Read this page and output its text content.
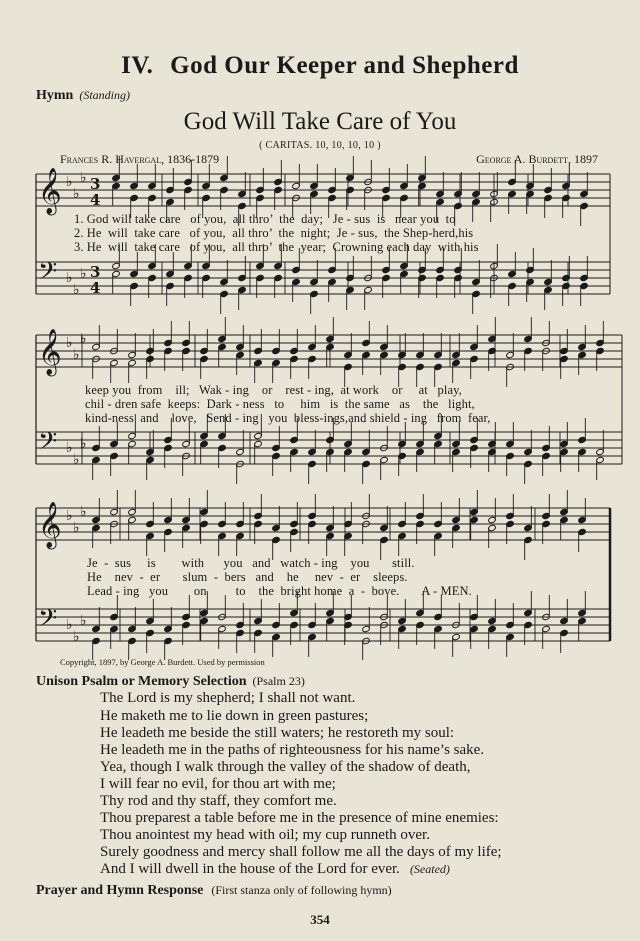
IV. God Our Keeper and Shepherd
Hymn (Standing)
God Will Take Care of You
( CARITAS. 10, 10, 10, 10 )
Frances R. Havergal, 1836-1879	George A. Burdett, 1897
𝄞 ♭
♭
♭ 3
4
𝄢 ♭
♭
♭ 3
4
𝄞 ♭
♭
♭
𝄢 ♭
♭
♭
𝄞 ♭
♭
♭
𝄢 ♭
♭
♭
1. God will take care   of you,  all thro’  the  day;   Je - sus  is   near you  to
2. He  will  take care   of you,  all thro’  the  night;  Je - sus,  the Shep-herd,his
3. He  will  take care   of you,  all thro’  the  year;  Crowning each day  with his
keep you  from    ill;   Wak - ing    or    rest - ing,  at work    or     at   play,
chil - dren safe  keeps:  Dark - ness   to     him   is  the same   as    the   light,
kind-ness  and    love,   Send - ing   you  bless-ings,and shield - ing   from  fear,
Je  -  sus     is        with      you   and   watch - ing    you       still.
He    nev  -  er       slum  -  bers   and    he     nev  -  er    sleeps.
Lead - ing   you        on         to    the  bright home  a  -  bove.       A - MEN.
Copyright, 1897, by George A. Burdett. Used by permission
Unison Psalm or Memory Selection (Psalm 23)
The Lord is my shepherd; I shall not want.
He maketh me to lie down in green pastures;
He leadeth me beside the still waters; he restoreth my soul:
He leadeth me in the paths of righteousness for his name’s sake.
Yea, though I walk through the valley of the shadow of death,
I will fear no evil, for thou art with me;
Thy rod and thy staff, they comfort me.
Thou preparest a table before me in the presence of mine enemies:
Thou anointest my head with oil; my cup runneth over.
Surely goodness and mercy shall follow me all the days of my life;
And I will dwell in the house of the Lord for ever. (Seated)
Prayer and Hymn Response (First stanza only of following hymn)
354
